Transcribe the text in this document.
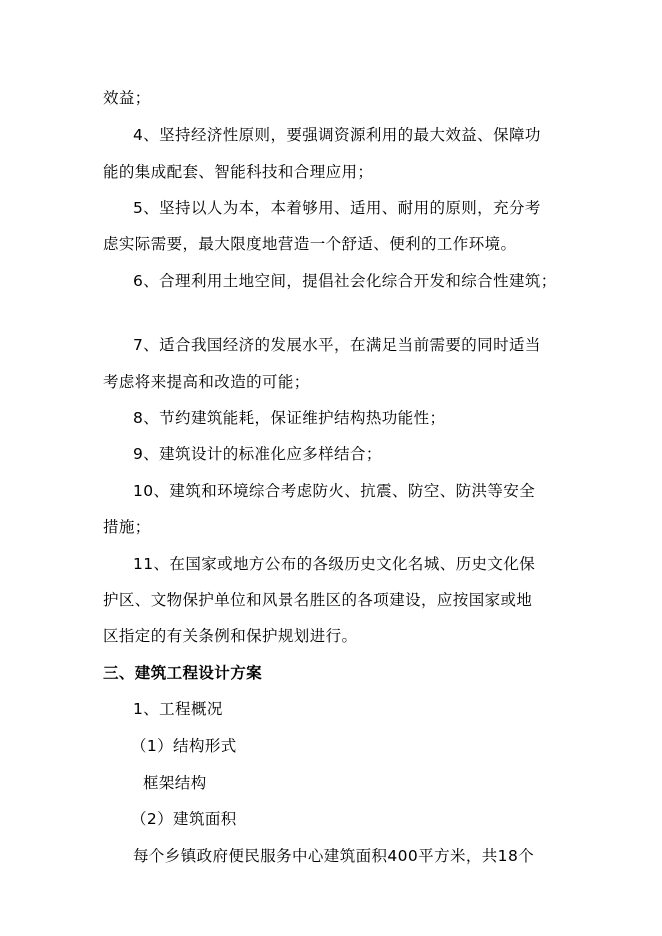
效益；
4、坚持经济性原则，要强调资源利用的最大效益、保障功
能的集成配套、智能科技和合理应用；
5、坚持以人为本，本着够用、适用、耐用的原则，充分考
虑实际需要，最大限度地营造一个舒适、便利的工作环境。
6、合理利用土地空间，提倡社会化综合开发和综合性建筑；
7、适合我国经济的发展水平，在满足当前需要的同时适当
考虑将来提高和改造的可能；
8、节约建筑能耗，保证维护结构热功能性；
9、建筑设计的标准化应多样结合；
10、建筑和环境综合考虑防火、抗震、防空、防洪等安全
措施；
11、在国家或地方公布的各级历史文化名城、历史文化保
护区、文物保护单位和风景名胜区的各项建设，应按国家或地
区指定的有关条例和保护规划进行。
三、建筑工程设计方案
1、工程概况
（1）结构形式
框架结构
（2）建筑面积
每个乡镇政府便民服务中心建筑面积400平方米，共18个
